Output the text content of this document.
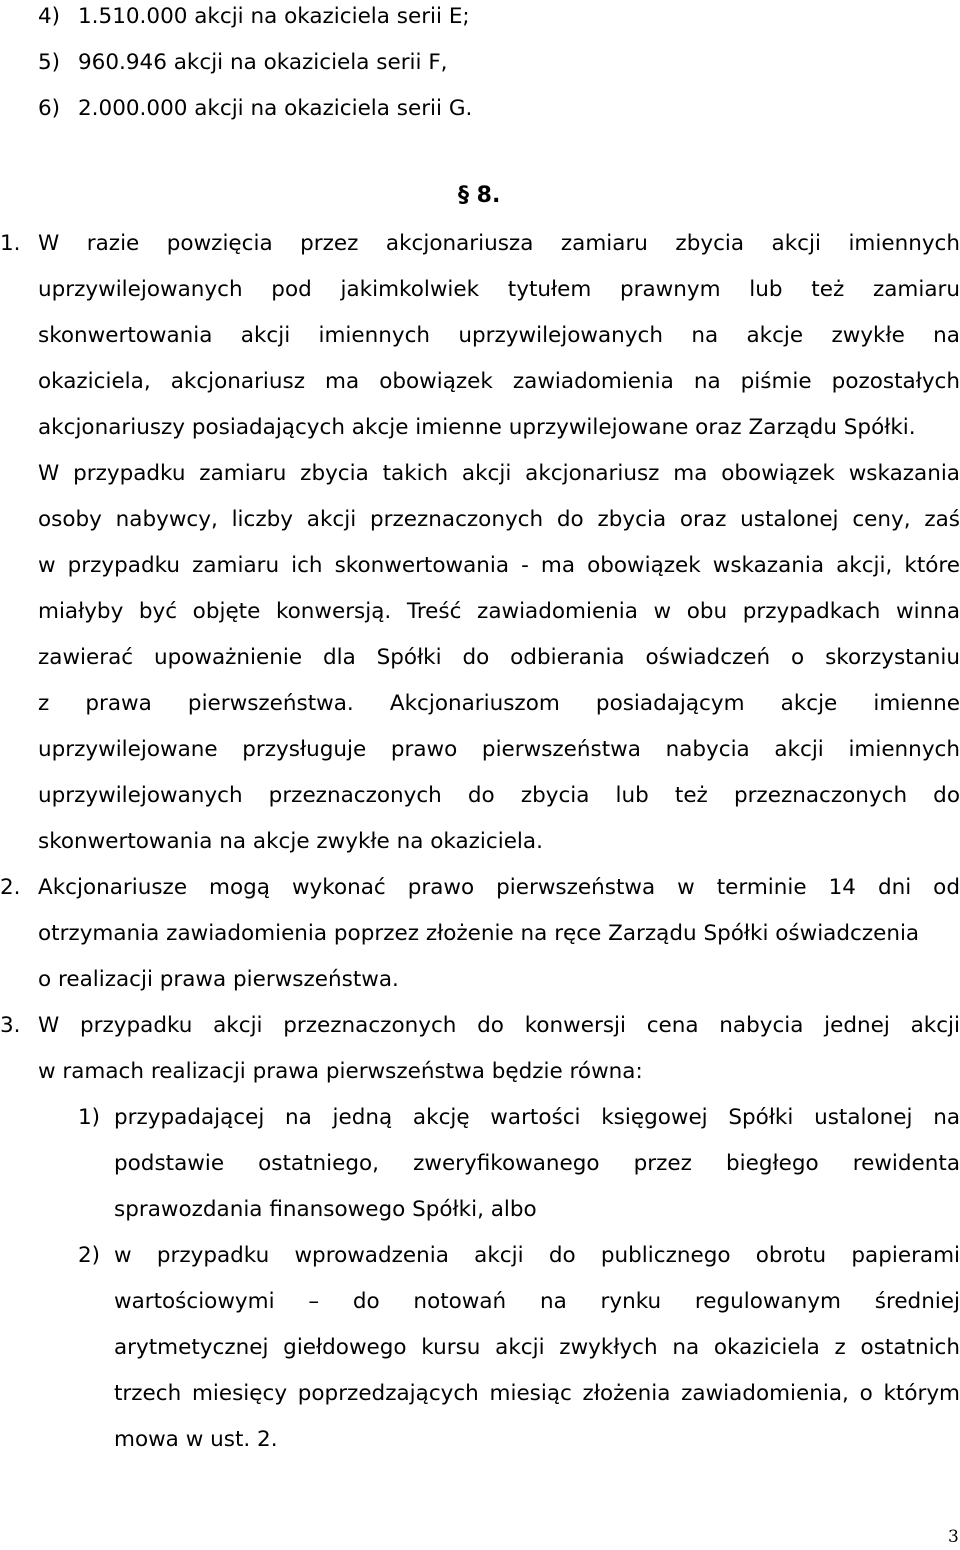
4) 1.510.000 akcji na okaziciela serii E;
5) 960.946 akcji na okaziciela serii F,
6) 2.000.000 akcji na okaziciela serii G.
§ 8.
1. W razie powzięcia przez akcjonariusza zamiaru zbycia akcji imiennych
uprzywilejowanych pod jakimkolwiek tytułem prawnym lub też zamiaru
skonwertowania akcji imiennych uprzywilejowanych na akcje zwykłe na
okaziciela, akcjonariusz ma obowiązek zawiadomienia na piśmie pozostałych
akcjonariuszy posiadających akcje imienne uprzywilejowane oraz Zarządu Spółki.
W przypadku zamiaru zbycia takich akcji akcjonariusz ma obowiązek wskazania
osoby nabywcy, liczby akcji przeznaczonych do zbycia oraz ustalonej ceny, zaś
w przypadku zamiaru ich skonwertowania - ma obowiązek wskazania akcji, które
miałyby być objęte konwersją. Treść zawiadomienia w obu przypadkach winna
zawierać upoważnienie dla Spółki do odbierania oświadczeń o skorzystaniu
z prawa pierwszeństwa. Akcjonariuszom posiadającym akcje imienne
uprzywilejowane przysługuje prawo pierwszeństwa nabycia akcji imiennych
uprzywilejowanych przeznaczonych do zbycia lub też przeznaczonych do
skonwertowania na akcje zwykłe na okaziciela.
2. Akcjonariusze mogą wykonać prawo pierwszeństwa w terminie 14 dni od
otrzymania zawiadomienia poprzez złożenie na ręce Zarządu Spółki oświadczenia
o realizacji prawa pierwszeństwa.
3. W przypadku akcji przeznaczonych do konwersji cena nabycia jednej akcji
w ramach realizacji prawa pierwszeństwa będzie równa:
1) przypadającej na jedną akcję wartości księgowej Spółki ustalonej na
podstawie ostatniego, zweryfikowanego przez biegłego rewidenta
sprawozdania finansowego Spółki, albo
2) w przypadku wprowadzenia akcji do publicznego obrotu papierami
wartościowymi – do notowań na rynku regulowanym średniej
arytmetycznej giełdowego kursu akcji zwykłych na okaziciela z ostatnich
trzech miesięcy poprzedzających miesiąc złożenia zawiadomienia, o którym
mowa w ust. 2.
3
